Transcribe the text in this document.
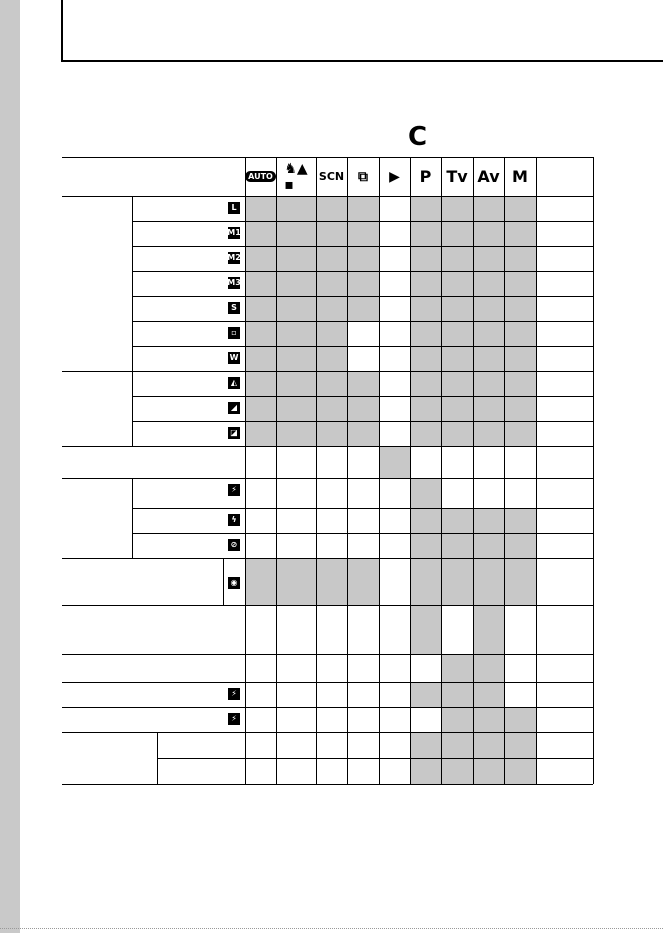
C
AUTO ♞▲
▪	SCN ⧉ ▶	P Tv Av M
L
M1
M2
M3
S
▫
W
◭
◢
◪
⚡
ϟ
⊘
◉
⚡
⚡
